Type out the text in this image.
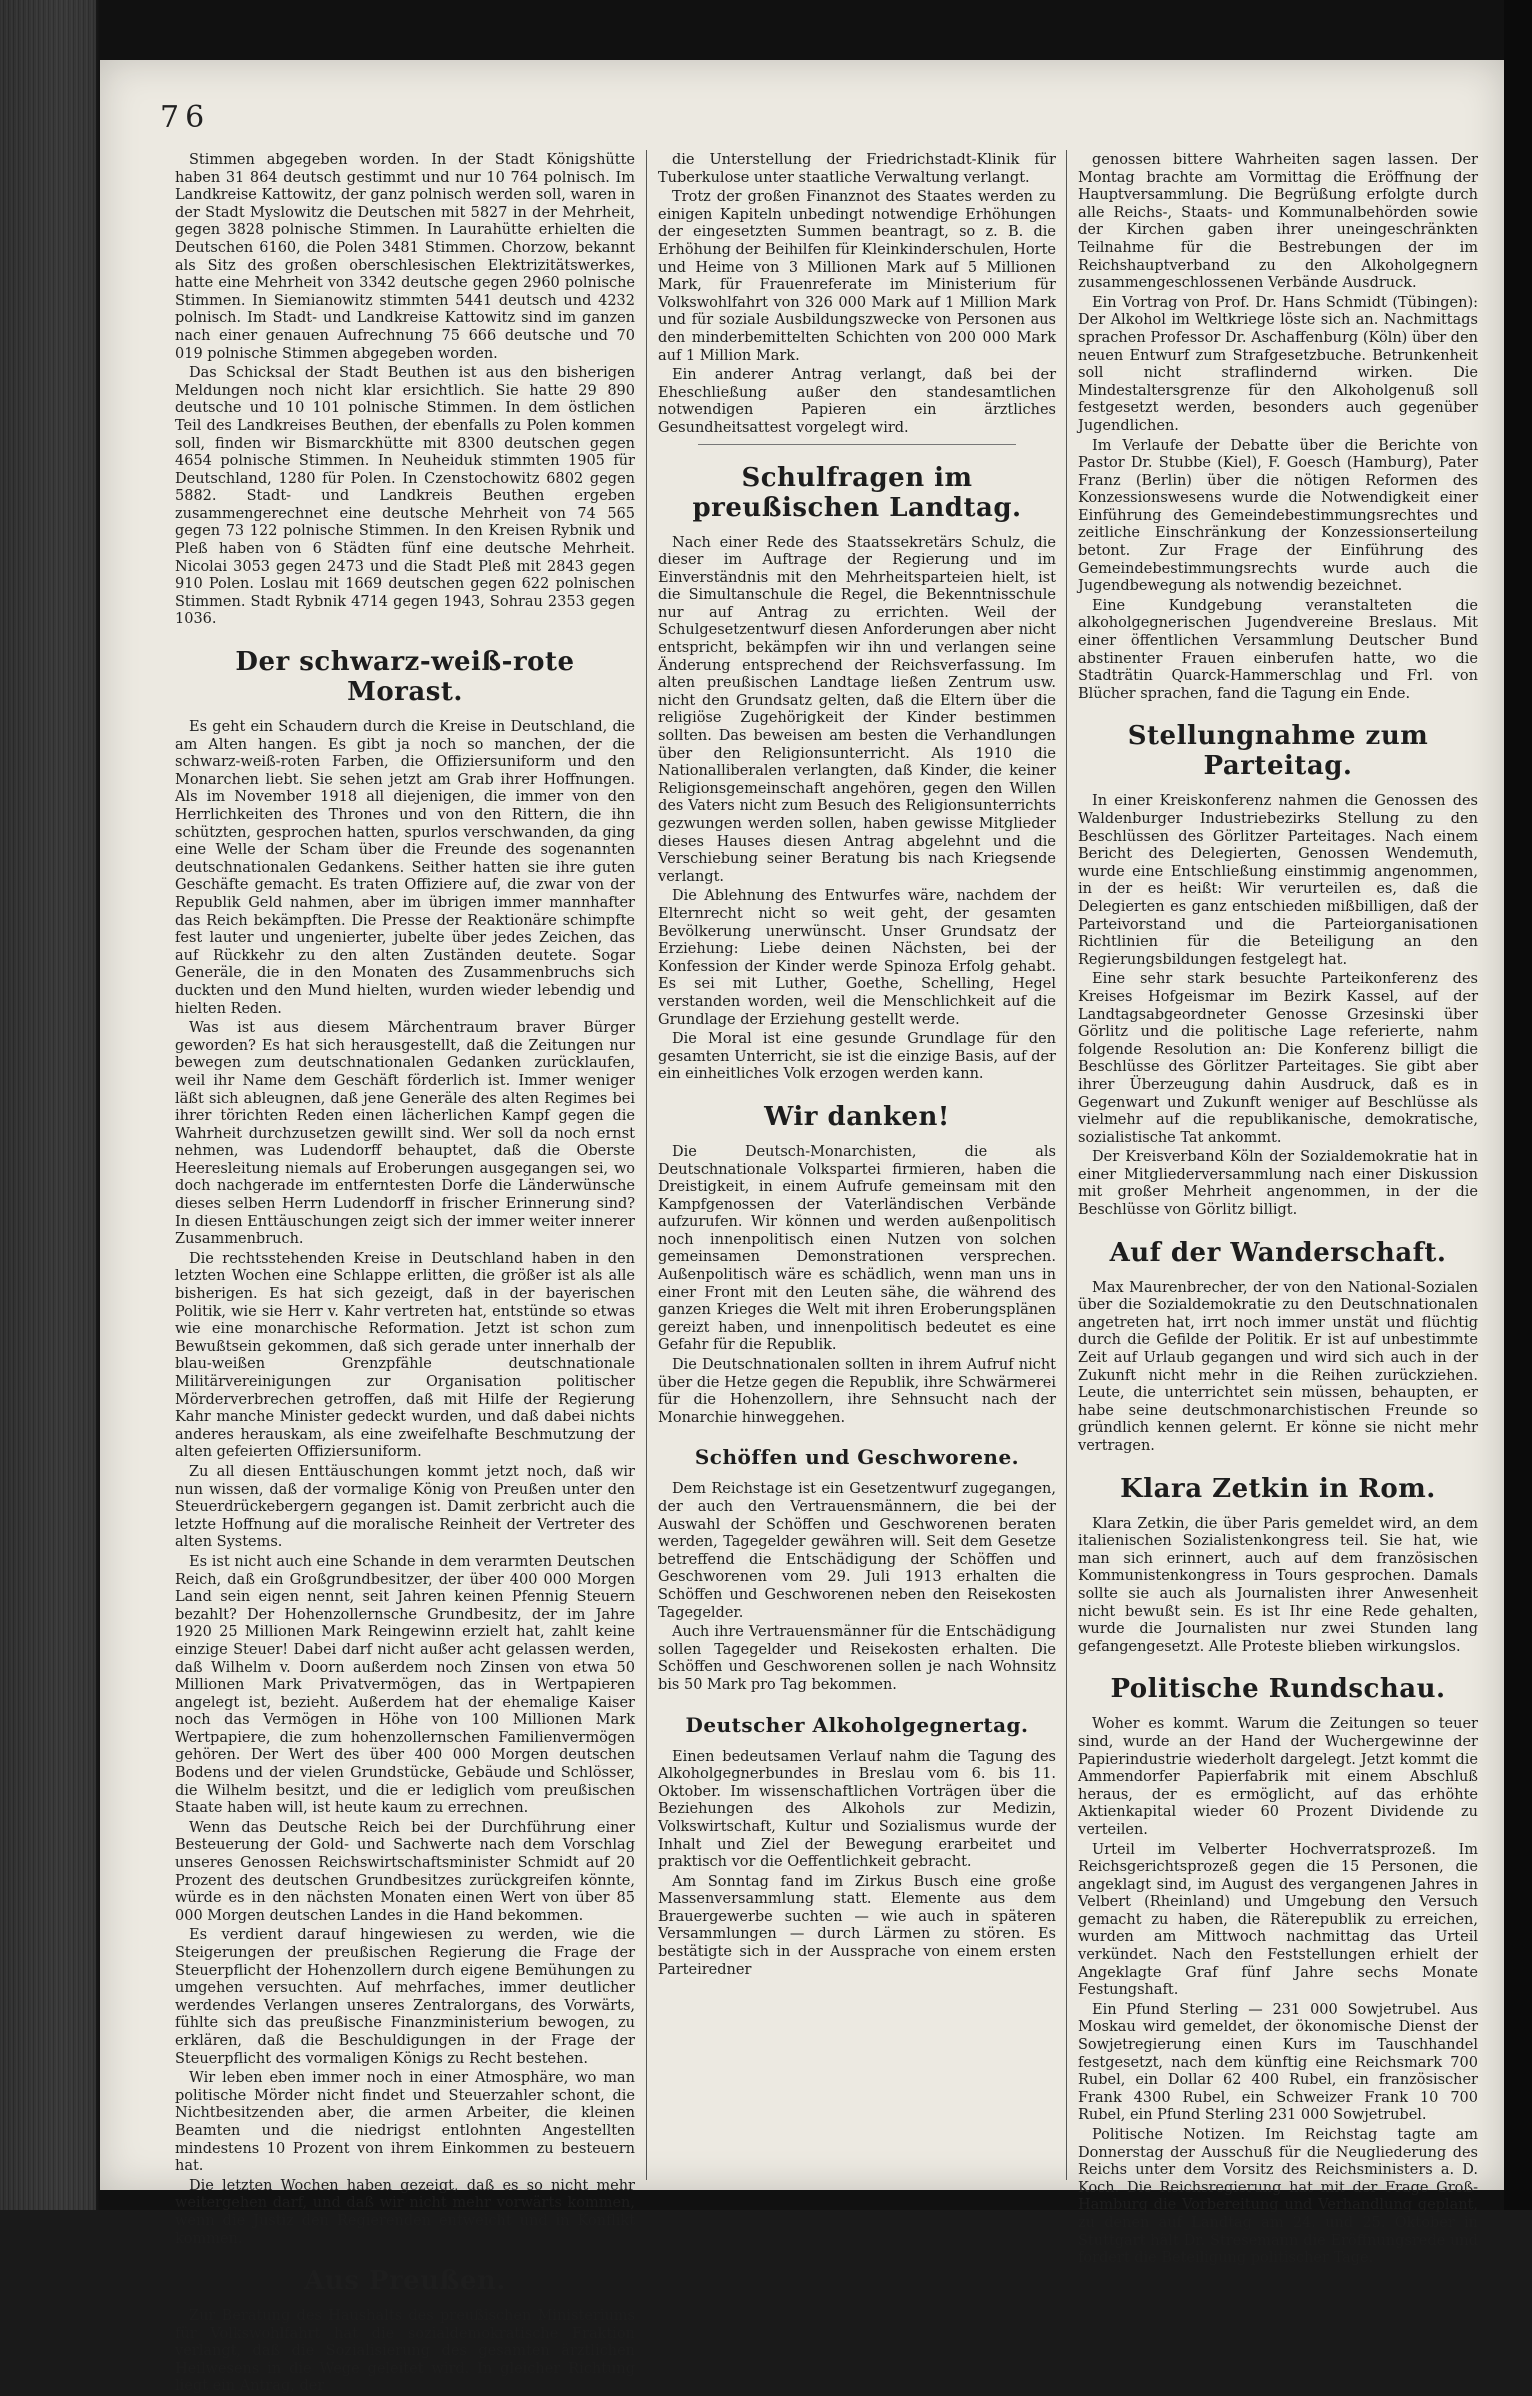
76

Stimmen abgegeben worden. In der Stadt Königshütte haben 31 864 deutsch gestimmt und nur 10 764 polnisch. Im Landkreise Kattowitz, der ganz polnisch werden soll, waren in der Stadt Myslowitz die Deutschen mit 5827 in der Mehrheit, gegen 3828 polnische Stimmen. In Laurahütte erhielten die Deutschen 6160, die Polen 3481 Stimmen. Chorzow, bekannt als Sitz des großen oberschlesischen Elektrizitätswerkes, hatte eine Mehrheit von 3342 deutsche gegen 2960 polnische Stimmen. In Siemianowitz stimmten 5441 deutsch und 4232 polnisch. Im Stadt- und Landkreise Kattowitz sind im ganzen nach einer genauen Aufrechnung 75 666 deutsche und 70 019 polnische Stimmen abgegeben worden.

Das Schicksal der Stadt Beuthen ist aus den bisherigen Meldungen noch nicht klar ersichtlich. Sie hatte 29 890 deutsche und 10 101 polnische Stimmen. In dem östlichen Teil des Landkreises Beuthen, der ebenfalls zu Polen kommen soll, finden wir Bismarckhütte mit 8300 deutschen gegen 4654 polnische Stimmen. In Neuheiduk stimmten 1905 für Deutschland, 1280 für Polen. In Czenstochowitz 6802 gegen 5882. Stadt- und Landkreis Beuthen ergeben zusammengerechnet eine deutsche Mehrheit von 74 565 gegen 73 122 polnische Stimmen. In den Kreisen Rybnik und Pleß haben von 6 Städten fünf eine deutsche Mehrheit. Nicolai 3053 gegen 2473 und die Stadt Pleß mit 2843 gegen 910 Polen. Loslau mit 1669 deutschen gegen 622 polnischen Stimmen. Stadt Rybnik 4714 gegen 1943, Sohrau 2353 gegen 1036.

Der schwarz-weiß-rote Morast.

Es geht ein Schaudern durch die Kreise in Deutschland, die am Alten hangen. Es gibt ja noch so manchen, der die schwarz-weiß-roten Farben, die Offiziersuniform und den Monarchen liebt. Sie sehen jetzt am Grab ihrer Hoffnungen. Als im November 1918 all diejenigen, die immer von den Herrlichkeiten des Thrones und von den Rittern, die ihn schützten, gesprochen hatten, spurlos verschwanden, da ging eine Welle der Scham über die Freunde des sogenannten deutschnationalen Gedankens. Seither hatten sie ihre guten Geschäfte gemacht. Es traten Offiziere auf, die zwar von der Republik Geld nahmen, aber im übrigen immer mannhafter das Reich bekämpften. Die Presse der Reaktionäre schimpfte fest lauter und ungenierter, jubelte über jedes Zeichen, das auf Rückkehr zu den alten Zuständen deutete. Sogar Generäle, die in den Monaten des Zusammenbruchs sich duckten und den Mund hielten, wurden wieder lebendig und hielten Reden.

Was ist aus diesem Märchentraum braver Bürger geworden? Es hat sich herausgestellt, daß die Zeitungen nur bewegen zum deutschnationalen Gedanken zurücklaufen, weil ihr Name dem Geschäft förderlich ist. Immer weniger läßt sich ableugnen, daß jene Generäle des alten Regimes bei ihrer törichten Reden einen lächerlichen Kampf gegen die Wahrheit durchzusetzen gewillt sind. Wer soll da noch ernst nehmen, was Ludendorff behauptet, daß die Oberste Heeresleitung niemals auf Eroberungen ausgegangen sei, wo doch nachgerade im entferntesten Dorfe die Länderwünsche dieses selben Herrn Ludendorff in frischer Erinnerung sind? In diesen Enttäuschungen zeigt sich der immer weiter innerer Zusammenbruch.

Die rechtsstehenden Kreise in Deutschland haben in den letzten Wochen eine Schlappe erlitten, die größer ist als alle bisherigen. Es hat sich gezeigt, daß in der bayerischen Politik, wie sie Herr v. Kahr vertreten hat, entstünde so etwas wie eine monarchische Reformation. Jetzt ist schon zum Bewußtsein gekommen, daß sich gerade unter innerhalb der blau-weißen Grenzpfähle deutschnationale Militärvereinigungen zur Organisation politischer Mörderverbrechen getroffen, daß mit Hilfe der Regierung Kahr manche Minister gedeckt wurden, und daß dabei nichts anderes herauskam, als eine zweifelhafte Beschmutzung der alten gefeierten Offiziersuniform.

Zu all diesen Enttäuschungen kommt jetzt noch, daß wir nun wissen, daß der vormalige König von Preußen unter den Steuerdrückebergern gegangen ist. Damit zerbricht auch die letzte Hoffnung auf die moralische Reinheit der Vertreter des alten Systems.

Es ist nicht auch eine Schande in dem verarmten Deutschen Reich, daß ein Großgrundbesitzer, der über 400 000 Morgen Land sein eigen nennt, seit Jahren keinen Pfennig Steuern bezahlt? Der Hohenzollernsche Grundbesitz, der im Jahre 1920 25 Millionen Mark Reingewinn erzielt hat, zahlt keine einzige Steuer! Dabei darf nicht außer acht gelassen werden, daß Wilhelm v. Doorn außerdem noch Zinsen von etwa 50 Millionen Mark Privatvermögen, das in Wertpapieren angelegt ist, bezieht. Außerdem hat der ehemalige Kaiser noch das Vermögen in Höhe von 100 Millionen Mark Wertpapiere, die zum hohenzollernschen Familienvermögen gehören. Der Wert des über 400 000 Morgen deutschen Bodens und der vielen Grundstücke, Gebäude und Schlösser, die Wilhelm besitzt, und die er lediglich vom preußischen Staate haben will, ist heute kaum zu errechnen.

Wenn das Deutsche Reich bei der Durchführung einer Besteuerung der Gold- und Sachwerte nach dem Vorschlag unseres Genossen Reichswirtschaftsminister Schmidt auf 20 Prozent des deutschen Grundbesitzes zurückgreifen könnte, würde es in den nächsten Monaten einen Wert von über 85 000 Morgen deutschen Landes in die Hand bekommen.

Es verdient darauf hingewiesen zu werden, wie die Steigerungen der preußischen Regierung die Frage der Steuerpflicht der Hohenzollern durch eigene Bemühungen zu umgehen versuchten. Auf mehrfaches, immer deutlicher werdendes Verlangen unseres Zentralorgans, des Vorwärts, fühlte sich das preußische Finanzministerium bewogen, zu erklären, daß die Beschuldigungen in der Frage der Steuerpflicht des vormaligen Königs zu Recht bestehen.

Wir leben eben immer noch in einer Atmosphäre, wo man politische Mörder nicht findet und Steuerzahler schont, die Nichtbesitzenden aber, die armen Arbeiter, die kleinen Beamten und die niedrigst entlohnten Angestellten mindestens 10 Prozent von ihrem Einkommen zu besteuern hat.

Die letzten Wochen haben gezeigt, daß es so nicht mehr weitergehen darf, und daß wir nicht mehr vorwärts kommen, wenn die Justiz den Regierenden entweicht und in Konflikt kommen.

Aus Preußen.

Zur Beratung des Haushalts des preußischen Ministeriums für Volkswohlfahrt hat die sozialdemokratische Fraktion verlangt, daß die Sozialisierung des gesamten ärztlichen Heilwesens in die Wege geleitet wird. In gleicher Richtung liegt ein Antrag, der

die Unterstellung der Friedrichstadt-Klinik für Tuberkulose unter staatliche Verwaltung verlangt.

Trotz der großen Finanznot des Staates werden zu einigen Kapiteln unbedingt notwendige Erhöhungen der eingesetzten Summen beantragt, so z. B. die Erhöhung der Beihilfen für Kleinkinderschulen, Horte und Heime von 3 Millionen Mark auf 5 Millionen Mark, für Frauenreferate im Ministerium für Volkswohlfahrt von 326 000 Mark auf 1 Million Mark und für soziale Ausbildungszwecke von Personen aus den minderbemittelten Schichten von 200 000 Mark auf 1 Million Mark.

Ein anderer Antrag verlangt, daß bei der Eheschließung außer den standesamtlichen notwendigen Papieren ein ärztliches Gesundheitsattest vorgelegt wird.

Schulfragen im preußischen Landtag.

Nach einer Rede des Staatssekretärs Schulz, die dieser im Auftrage der Regierung und im Einverständnis mit den Mehrheitsparteien hielt, ist die Simultanschule die Regel, die Bekenntnisschule nur auf Antrag zu errichten. Weil der Schulgesetzentwurf diesen Anforderungen aber nicht entspricht, bekämpfen wir ihn und verlangen seine Änderung entsprechend der Reichsverfassung. Im alten preußischen Landtage ließen Zentrum usw. nicht den Grundsatz gelten, daß die Eltern über die religiöse Zugehörigkeit der Kinder bestimmen sollten. Das beweisen am besten die Verhandlungen über den Religionsunterricht. Als 1910 die Nationalliberalen verlangten, daß Kinder, die keiner Religionsgemeinschaft angehören, gegen den Willen des Vaters nicht zum Besuch des Religionsunterrichts gezwungen werden sollen, haben gewisse Mitglieder dieses Hauses diesen Antrag abgelehnt und die Verschiebung seiner Beratung bis nach Kriegsende verlangt.

Die Ablehnung des Entwurfes wäre, nachdem der Elternrecht nicht so weit geht, der gesamten Bevölkerung unerwünscht. Unser Grundsatz der Erziehung: Liebe deinen Nächsten, bei der Konfession der Kinder werde Spinoza Erfolg gehabt. Es sei mit Luther, Goethe, Schelling, Hegel verstanden worden, weil die Menschlichkeit auf die Grundlage der Erziehung gestellt werde.

Die Moral ist eine gesunde Grundlage für den gesamten Unterricht, sie ist die einzige Basis, auf der ein einheitliches Volk erzogen werden kann.

Wir danken!

Die Deutsch-Monarchisten, die als Deutschnationale Volkspartei firmieren, haben die Dreistigkeit, in einem Aufrufe gemeinsam mit den Kampfgenossen der Vaterländischen Verbände aufzurufen. Wir können und werden außenpolitisch noch innenpolitisch einen Nutzen von solchen gemeinsamen Demonstrationen versprechen. Außenpolitisch wäre es schädlich, wenn man uns in einer Front mit den Leuten sähe, die während des ganzen Krieges die Welt mit ihren Eroberungsplänen gereizt haben, und innenpolitisch bedeutet es eine Gefahr für die Republik.

Die Deutschnationalen sollten in ihrem Aufruf nicht über die Hetze gegen die Republik, ihre Schwärmerei für die Hohenzollern, ihre Sehnsucht nach der Monarchie hinweggehen.

Schöffen und Geschworene.

Dem Reichstage ist ein Gesetzentwurf zugegangen, der auch den Vertrauensmännern, die bei der Auswahl der Schöffen und Geschworenen beraten werden, Tagegelder gewähren will. Seit dem Gesetze betreffend die Entschädigung der Schöffen und Geschworenen vom 29. Juli 1913 erhalten die Schöffen und Geschworenen neben den Reisekosten Tagegelder.

Auch ihre Vertrauensmänner für die Entschädigung sollen Tagegelder und Reisekosten erhalten. Die Schöffen und Geschworenen sollen je nach Wohnsitz bis 50 Mark pro Tag bekommen.

Deutscher Alkoholgegnertag.

Einen bedeutsamen Verlauf nahm die Tagung des Alkoholgegnerbundes in Breslau vom 6. bis 11. Oktober. Im wissenschaftlichen Vorträgen über die Beziehungen des Alkohols zur Medizin, Volkswirtschaft, Kultur und Sozialismus wurde der Inhalt und Ziel der Bewegung erarbeitet und praktisch vor die Oeffentlichkeit gebracht.

Am Sonntag fand im Zirkus Busch eine große Massenversammlung statt. Elemente aus dem Brauergewerbe suchten — wie auch in späteren Versammlungen — durch Lärmen zu stören. Es bestätigte sich in der Aussprache von einem ersten Parteiredner

genossen bittere Wahrheiten sagen lassen. Der Montag brachte am Vormittag die Eröffnung der Hauptversammlung. Die Begrüßung erfolgte durch alle Reichs-, Staats- und Kommunalbehörden sowie der Kirchen gaben ihrer uneingeschränkten Teilnahme für die Bestrebungen der im Reichshauptverband zu den Alkoholgegnern zusammengeschlossenen Verbände Ausdruck.

Ein Vortrag von Prof. Dr. Hans Schmidt (Tübingen): Der Alkohol im Weltkriege löste sich an. Nachmittags sprachen Professor Dr. Aschaffenburg (Köln) über den neuen Entwurf zum Strafgesetzbuche. Betrunkenheit soll nicht straflindernd wirken. Die Mindestaltersgrenze für den Alkoholgenuß soll festgesetzt werden, besonders auch gegenüber Jugendlichen.

Im Verlaufe der Debatte über die Berichte von Pastor Dr. Stubbe (Kiel), F. Goesch (Hamburg), Pater Franz (Berlin) über die nötigen Reformen des Konzessionswesens wurde die Notwendigkeit einer Einführung des Gemeindebestimmungsrechtes und zeitliche Einschränkung der Konzessionserteilung betont. Zur Frage der Einführung des Gemeindebestimmungsrechts wurde auch die Jugendbewegung als notwendig bezeichnet.

Eine Kundgebung veranstalteten die alkoholgegnerischen Jugendvereine Breslaus. Mit einer öffentlichen Versammlung Deutscher Bund abstinenter Frauen einberufen hatte, wo die Stadträtin Quarck-Hammerschlag und Frl. von Blücher sprachen, fand die Tagung ein Ende.

Stellungnahme zum Parteitag.

In einer Kreiskonferenz nahmen die Genossen des Waldenburger Industriebezirks Stellung zu den Beschlüssen des Görlitzer Parteitages. Nach einem Bericht des Delegierten, Genossen Wendemuth, wurde eine Entschließung einstimmig angenommen, in der es heißt: Wir verurteilen es, daß die Delegierten es ganz entschieden mißbilligen, daß der Parteivorstand und die Parteiorganisationen Richtlinien für die Beteiligung an den Regierungsbildungen festgelegt hat.

Eine sehr stark besuchte Parteikonferenz des Kreises Hofgeismar im Bezirk Kassel, auf der Landtagsabgeordneter Genosse Grzesinski über Görlitz und die politische Lage referierte, nahm folgende Resolution an: Die Konferenz billigt die Beschlüsse des Görlitzer Parteitages. Sie gibt aber ihrer Überzeugung dahin Ausdruck, daß es in Gegenwart und Zukunft weniger auf Beschlüsse als vielmehr auf die republikanische, demokratische, sozialistische Tat ankommt.

Der Kreisverband Köln der Sozialdemokratie hat in einer Mitgliederversammlung nach einer Diskussion mit großer Mehrheit angenommen, in der die Beschlüsse von Görlitz billigt.

Auf der Wanderschaft.

Max Maurenbrecher, der von den National-Sozialen über die Sozialdemokratie zu den Deutschnationalen angetreten hat, irrt noch immer unstät und flüchtig durch die Gefilde der Politik. Er ist auf unbestimmte Zeit auf Urlaub gegangen und wird sich auch in der Zukunft nicht mehr in die Reihen zurückziehen. Leute, die unterrichtet sein müssen, behaupten, er habe seine deutschmonarchistischen Freunde so gründlich kennen gelernt. Er könne sie nicht mehr vertragen.

Klara Zetkin in Rom.

Klara Zetkin, die über Paris gemeldet wird, an dem italienischen Sozialistenkongress teil. Sie hat, wie man sich erinnert, auch auf dem französischen Kommunistenkongress in Tours gesprochen. Damals sollte sie auch als Journalisten ihrer Anwesenheit nicht bewußt sein. Es ist Ihr eine Rede gehalten, wurde die Journalisten nur zwei Stunden lang gefangengesetzt. Alle Proteste blieben wirkungslos.

Politische Rundschau.

Woher es kommt. Warum die Zeitungen so teuer sind, wurde an der Hand der Wuchergewinne der Papierindustrie wiederholt dargelegt. Jetzt kommt die Ammendorfer Papierfabrik mit einem Abschluß heraus, der es ermöglicht, auf das erhöhte Aktienkapital wieder 60 Prozent Dividende zu verteilen.

Urteil im Velberter Hochverratsprozeß. Im Reichsgerichtsprozeß gegen die 15 Personen, die angeklagt sind, im August des vergangenen Jahres in Velbert (Rheinland) und Umgebung den Versuch gemacht zu haben, die Räterepublik zu erreichen, wurden am Mittwoch nachmittag das Urteil verkündet. Nach den Feststellungen erhielt der Angeklagte Graf fünf Jahre sechs Monate Festungshaft.

Ein Pfund Sterling — 231 000 Sowjetrubel. Aus Moskau wird gemeldet, der ökonomische Dienst der Sowjetregierung einen Kurs im Tauschhandel festgesetzt, nach dem künftig eine Reichsmark 700 Rubel, ein Dollar 62 400 Rubel, ein französischer Frank 4300 Rubel, ein Schweizer Frank 10 700 Rubel, ein Pfund Sterling 231 000 Sowjetrubel.

Politische Notizen. Im Reichstag tagte am Donnerstag der Ausschuß für die Neugliederung des Reichs unter dem Vorsitz des Reichsministers a. D. Koch. Die Reichsregierung hat mit der Frage Groß-Hamburg die Vorbereitung und Verhandlung geplant, zu denen auf Landtag am 24. und 25. Oktober in Stuttgart hält Dr. Stresemann die Eröffnungsrede und fordert die Beteiligung politischer Tage.
